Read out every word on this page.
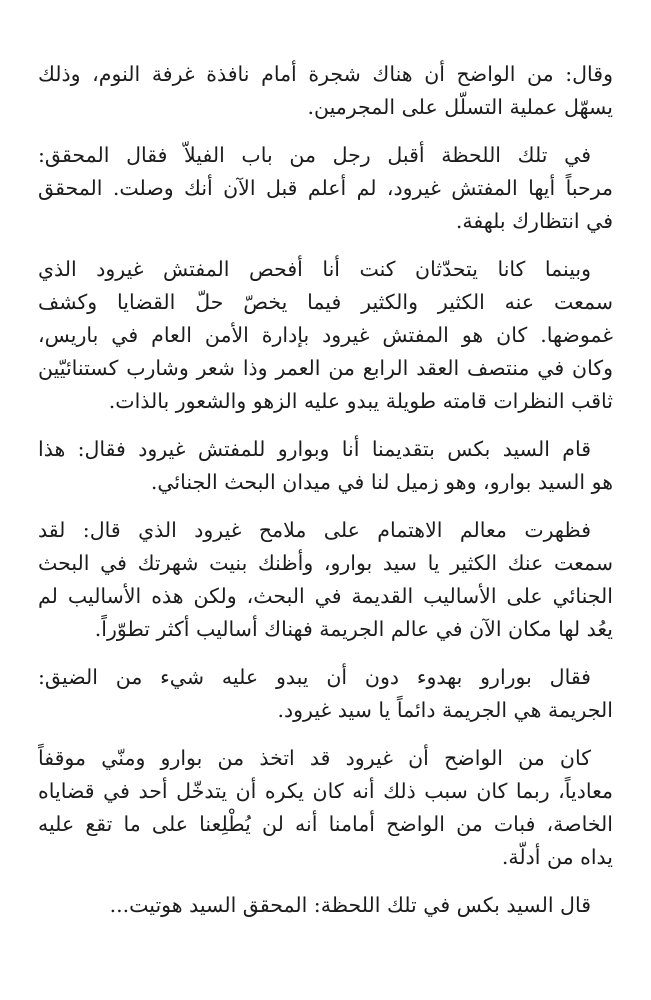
وقال: من الواضح أن هناك شجرة أمام نافذة غرفة النوم، وذلك
يسهّل عملية التسلّل على المجرمين.

في تلك اللحظة أقبل رجل من باب الفيلاّ فقال المحقق:
مرحباً أيها المفتش غيرود، لم أعلم قبل الآن أنك وصلت. المحقق
في انتظارك بلهفة.

وبينما كانا يتحدّثان كنت أنا أفحص المفتش غيرود الذي
سمعت عنه الكثير والكثير فيما يخصّ حلّ القضايا وكشف
غموضها. كان هو المفتش غيرود بإدارة الأمن العام في باريس،
وكان في منتصف العقد الرابع من العمر وذا شعر وشارب كستنائيّين
ثاقب النظرات قامته طويلة يبدو عليه الزهو والشعور بالذات.

قام السيد بكس بتقديمنا أنا وبوارو للمفتش غيرود فقال: هذا
هو السيد بوارو، وهو زميل لنا في ميدان البحث الجنائي.

فظهرت معالم الاهتمام على ملامح غيرود الذي قال: لقد
سمعت عنك الكثير يا سيد بوارو، وأظنك بنيت شهرتك في البحث
الجنائي على الأساليب القديمة في البحث، ولكن هذه الأساليب لم
يعُد لها مكان الآن في عالم الجريمة فهناك أساليب أكثر تطوّراً.

فقال بورارو بهدوء دون أن يبدو عليه شيء من الضيق:
الجريمة هي الجريمة دائماً يا سيد غيرود.

كان من الواضح أن غيرود قد اتخذ من بوارو ومنّي موقفاً
معادياً، ربما كان سبب ذلك أنه كان يكره أن يتدخّل أحد في قضاياه
الخاصة، فبات من الواضح أمامنا أنه لن يُطْلِعنا على ما تقع عليه
يداه من أدلّة.

قال السيد بكس في تلك اللحظة: المحقق السيد هوتيت...
